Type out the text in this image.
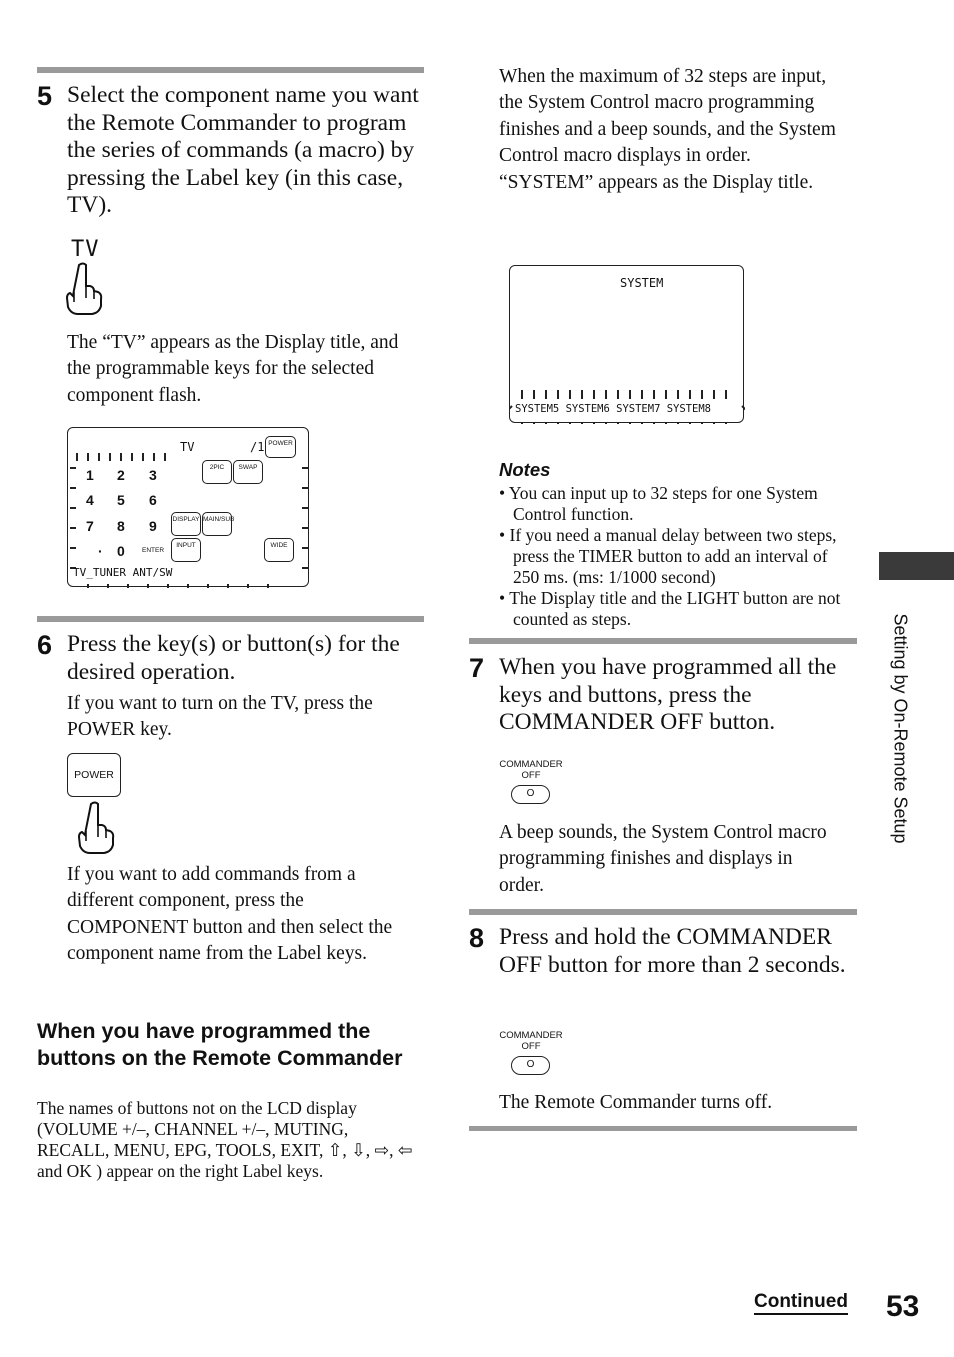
5 Select the component name you want the Remote Commander to program the series of commands (a macro) by pressing the Label key (in this case, TV).
TV
The “TV” appears as the Display title, and the programmable keys for the selected component flash.
TV	/1 POWER
1 2 3
4 5 6
7 8 9
· 0	ENTER
2PIC	SWAP
DISPLAY MAIN/SUB
INPUT	WIDE
TV_TUNER ANT/SW
6 Press the key(s) or button(s) for the desired operation.
If you want to turn on the TV, press the POWER key.
POWER
If you want to add commands from a different component, press the COMPONENT button and then select the component name from the Label keys.
When you have programmed the buttons on the Remote Commander
The names of buttons not on the LCD display (VOLUME +/–, CHANNEL +/–, MUTING, RECALL, MENU, EPG, TOOLS, EXIT, ⇧, ⇩, ⇨, ⇦ and OK ) appear on the right Label keys.
When the maximum of 32 steps are input, the System Control macro programming finishes and a beep sounds, and the System Control macro displays in order. “SYSTEM” appears as the Display title.
SYSTEM
SYSTEM5 SYSTEM6 SYSTEM7 SYSTEM8
Notes
• You can input up to 32 steps for one System Control function.
• If you need a manual delay between two steps, press the TIMER button to add an interval of 250 ms. (ms: 1/1000 second)
• The Display title and the LIGHT button are not counted as steps.
7 When you have programmed all the keys and buttons, press the COMMANDER OFF button.
COMMANDER
OFF
O
A beep sounds, the System Control macro programming finishes and displays in order.
8 Press and hold the COMMANDER OFF button for more than 2 seconds.
COMMANDER
OFF
O
The Remote Commander turns off.
Setting by On-Remote Setup
Continued 53
